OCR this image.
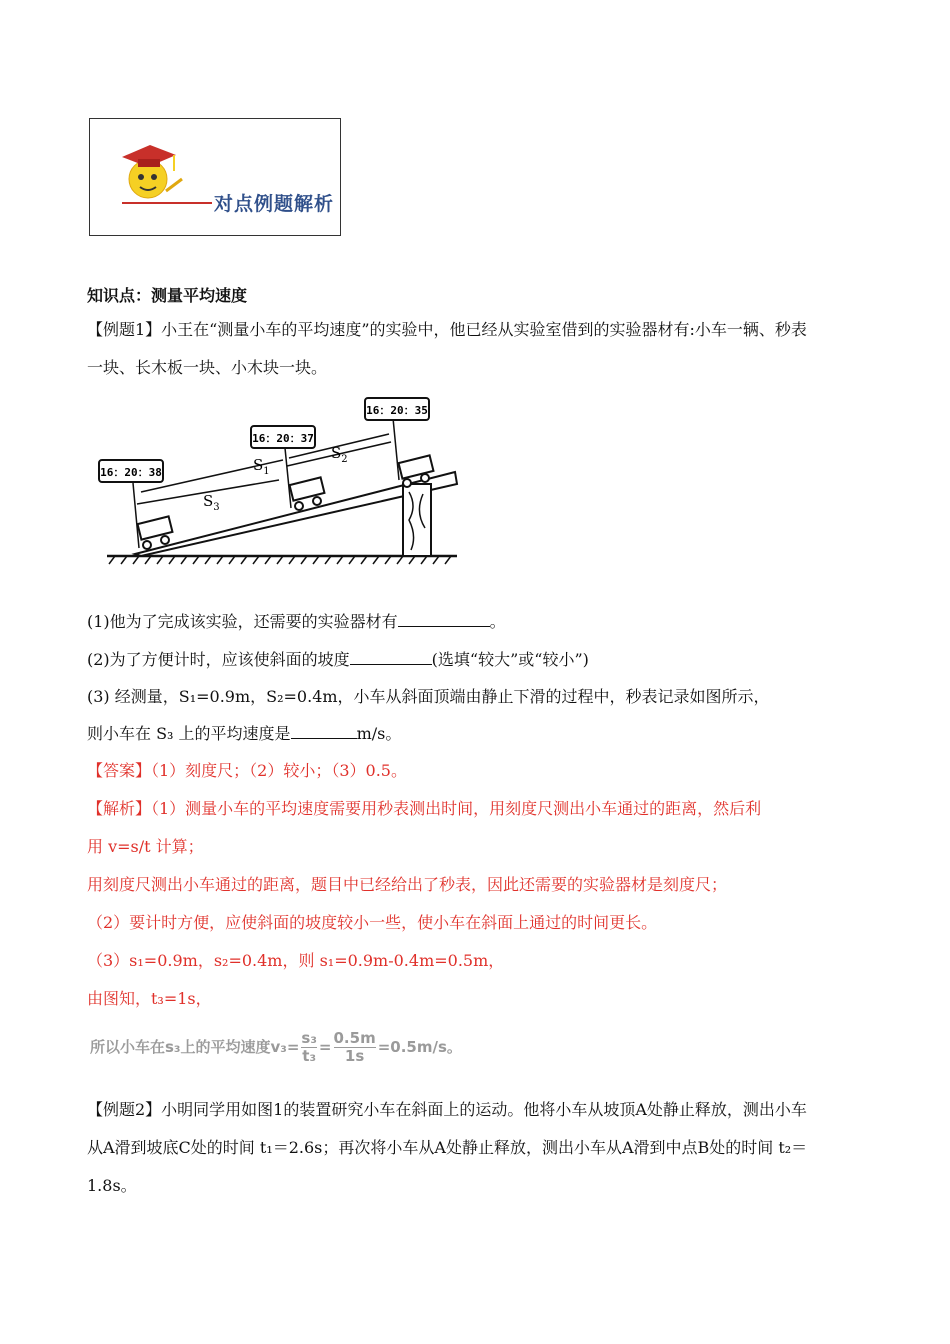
对点例题解析
知识点：测量平均速度
【例题1】小王在“测量小车的平均速度”的实验中，他已经从实验室借到的实验器材有:小车一辆、秒表
一块、长木板一块、小木块一块。
16：20：38
16：20：37
16：20：35
$S_1$
$S_2$
$S_3$
(1)他为了完成该实验，还需要的实验器材有	。
(2)为了方便计时，应该使斜面的坡度	(选填“较大”或“较小”)
(3) 经测量，S₁=0.9m，S₂=0.4m，小车从斜面顶端由静止下滑的过程中，秒表记录如图所示，
则小车在 S₃ 上的平均速度是	m/s。
【答案】（1）刻度尺；（2）较小；（3）0.5。
【解析】（1）测量小车的平均速度需要用秒表测出时间，用刻度尺测出小车通过的距离，然后利
用 v=s/t 计算；
用刻度尺测出小车通过的距离，题目中已经给出了秒表，因此还需要的实验器材是刻度尺；
（2）要计时方便，应使斜面的坡度较小一些，使小车在斜面上通过的时间更长。
（3）s₁=0.9m，s₂=0.4m，则 s₁=0.9m-0.4m=0.5m，
由图知，t₃=1s，
所以小车在s₃上的平均速度$v_3= \frac{\text{s₃}}{\text{t₃}} = \frac{0.5m}{1s} =0.5m/s$。
【例题2】小明同学用如图1的装置研究小车在斜面上的运动。他将小车从坡顶A处静止释放，测出小车
从A滑到坡底C处的时间 t₁＝2.6s；再次将小车从A处静止释放，测出小车从A滑到中点B处的时间 t₂＝
1.8s。
